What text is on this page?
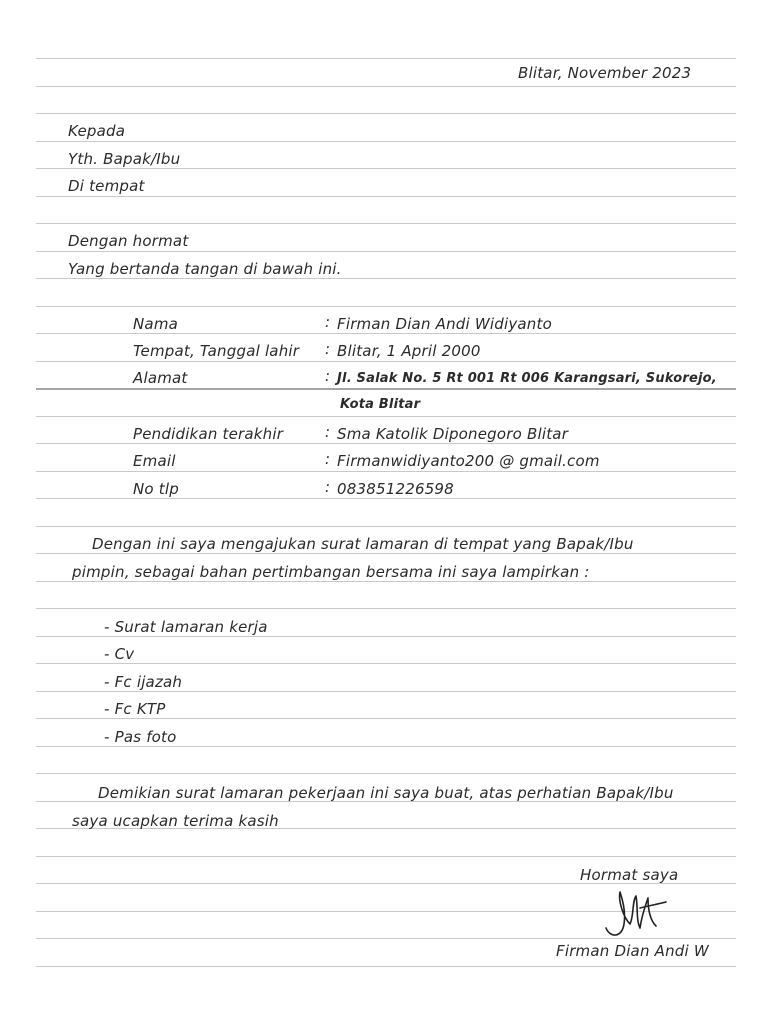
Blitar, November 2023
Kepada
Yth. Bapak/Ibu
Di tempat
Dengan hormat
Yang bertanda tangan di bawah ini.
Nama	: Firman Dian Andi Widiyanto
Tempat, Tanggal lahir : Blitar, 1 April 2000
Alamat	: Jl. Salak No. 5 Rt 001 Rt 006 Karangsari, Sukorejo,
Kota Blitar
Pendidikan terakhir	: Sma Katolik Diponegoro Blitar
Email	: Firmanwidiyanto200 @ gmail.com
No tlp	: 083851226598
Dengan ini saya mengajukan surat lamaran di tempat yang Bapak/Ibu
pimpin, sebagai bahan pertimbangan bersama ini saya lampirkan :
- Surat lamaran kerja
- Cv
- Fc ijazah
- Fc KTP
- Pas foto
Demikian surat lamaran pekerjaan ini saya buat, atas perhatian Bapak/Ibu
saya ucapkan terima kasih
Hormat saya
Firman Dian Andi W
